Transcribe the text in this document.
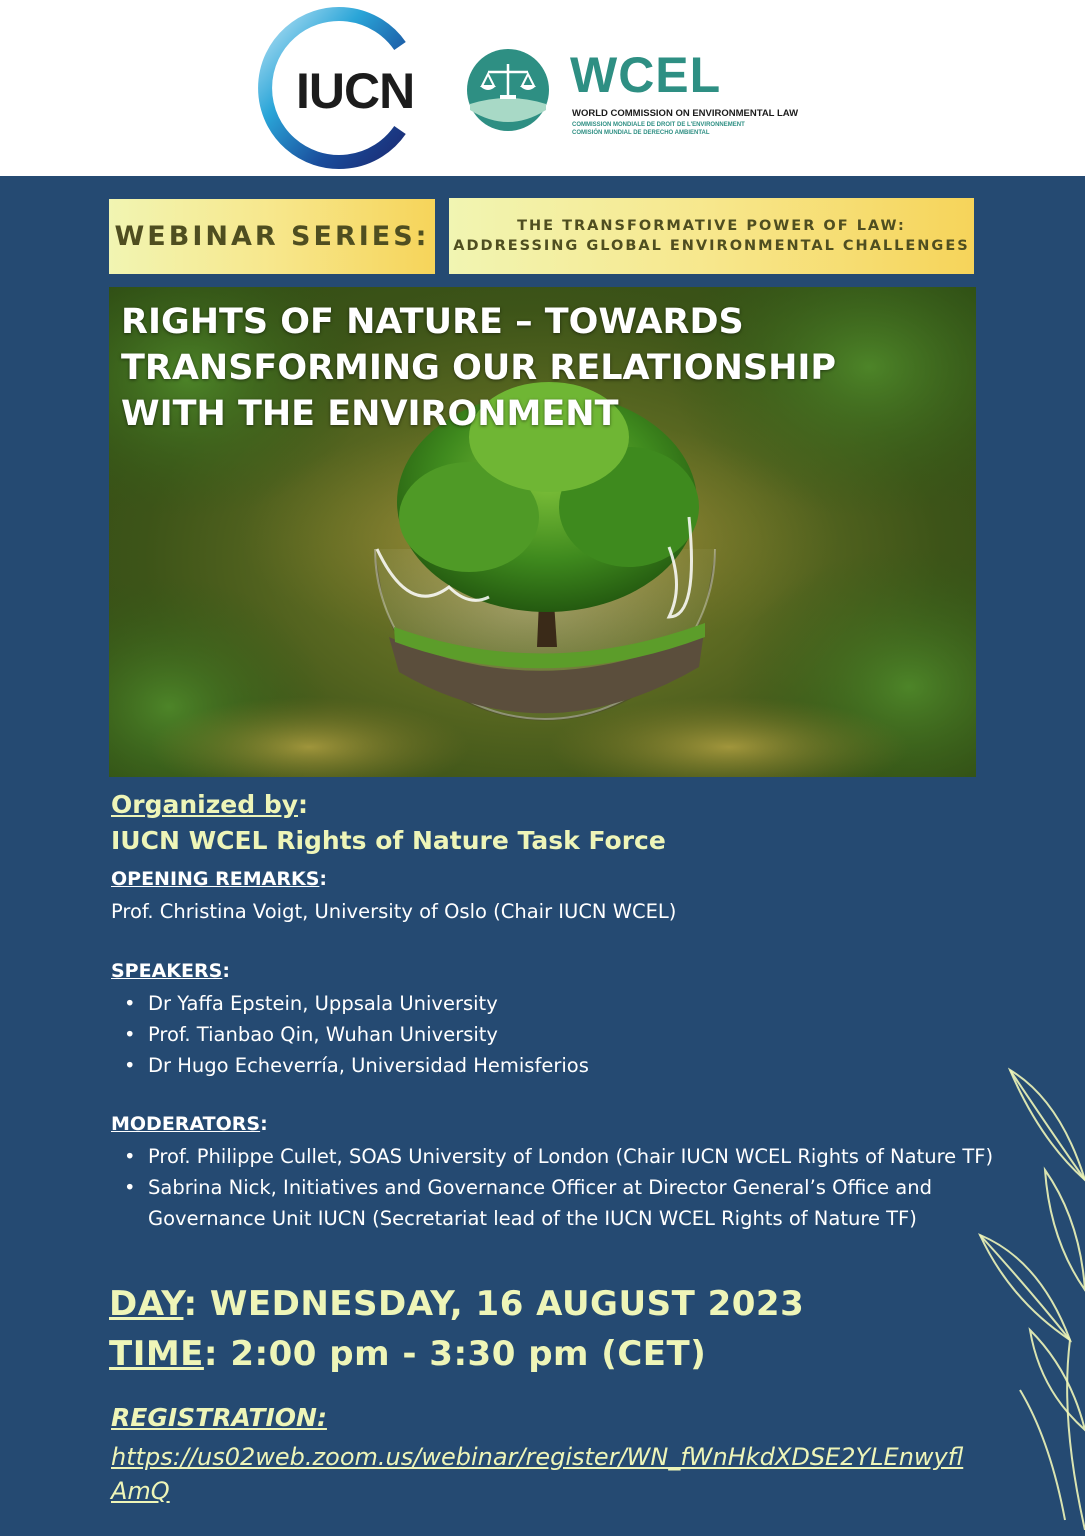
IUCN	WCEL
WORLD COMMISSION ON ENVIRONMENTAL LAW
COMMISSION MONDIALE DE DROIT DE L'ENVIRONNEMENT
COMISIÓN MUNDIAL DE DERECHO AMBIENTAL
WEBINAR SERIES:	THE TRANSFORMATIVE POWER OF LAW:
ADDRESSING GLOBAL ENVIRONMENTAL CHALLENGES
RIGHTS OF NATURE – TOWARDS TRANSFORMING OUR RELATIONSHIP WITH THE ENVIRONMENT
Organized by:
IUCN WCEL Rights of Nature Task Force
OPENING REMARKS:
Prof. Christina Voigt, University of Oslo (Chair IUCN WCEL)
SPEAKERS:
• Dr Yaffa Epstein, Uppsala University
• Prof. Tianbao Qin, Wuhan University
• Dr Hugo Echeverría, Universidad Hemisferios
MODERATORS:
• Prof. Philippe Cullet, SOAS University of London (Chair IUCN WCEL Rights of Nature TF)
• Sabrina Nick, Initiatives and Governance Officer at Director General’s Office and Governance Unit IUCN (Secretariat lead of the IUCN WCEL Rights of Nature TF)
DAY: WEDNESDAY, 16 AUGUST 2023
TIME: 2:00 pm - 3:30 pm (CET)
REGISTRATION:
https://us02web.zoom.us/webinar/register/WN_fWnHkdXDSE2YLEnwyflAmQ
